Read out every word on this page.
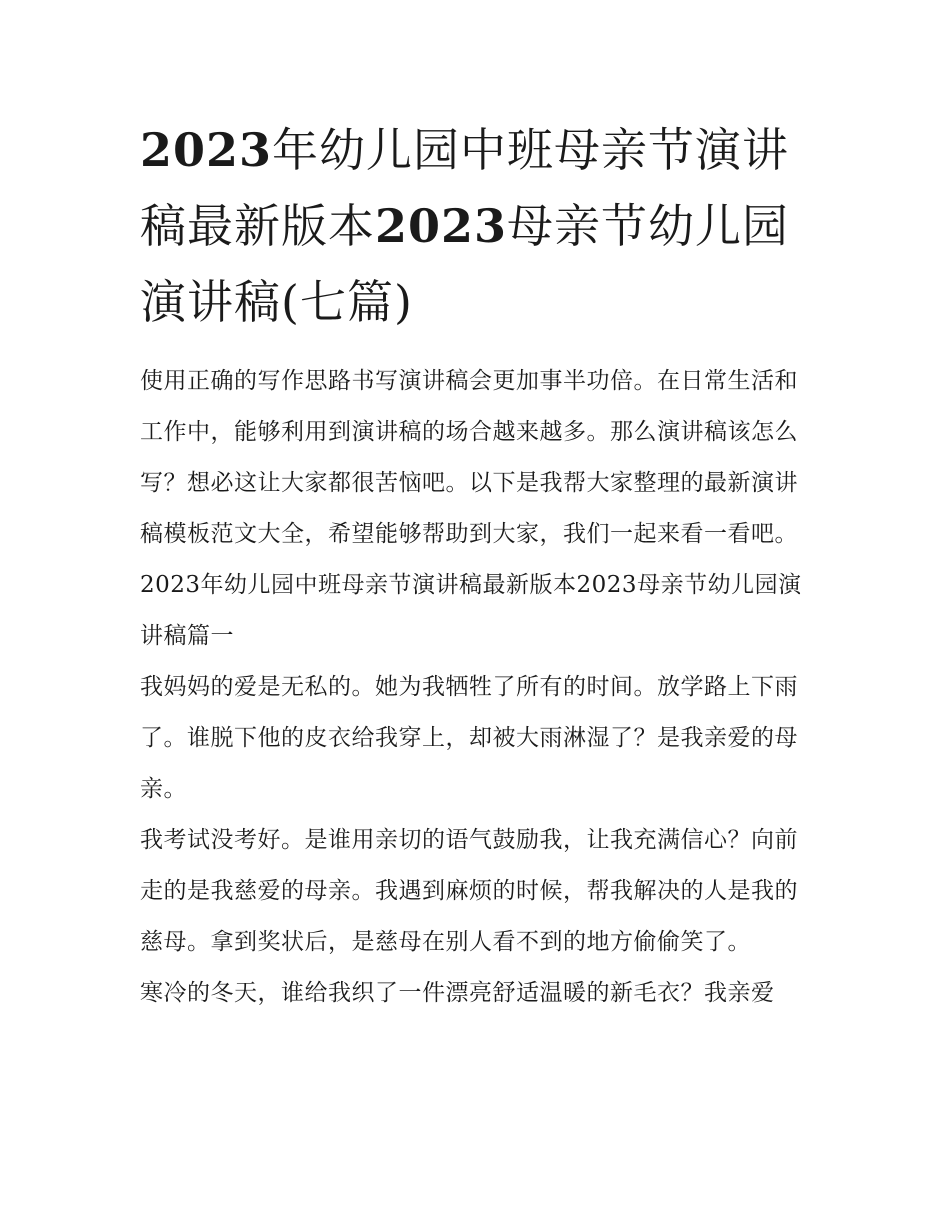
2023年幼儿园中班母亲节演讲稿最新版本2023母亲节幼儿园演讲稿(七篇)

使用正确的写作思路书写演讲稿会更加事半功倍。在日常生活和工作中，能够利用到演讲稿的场合越来越多。那么演讲稿该怎么写？想必这让大家都很苦恼吧。以下是我帮大家整理的最新演讲稿模板范文大全，希望能够帮助到大家，我们一起来看一看吧。

2023年幼儿园中班母亲节演讲稿最新版本2023母亲节幼儿园演讲稿篇一

我妈妈的爱是无私的。她为我牺牲了所有的时间。放学路上下雨了。谁脱下他的皮衣给我穿上，却被大雨淋湿了？是我亲爱的母亲。

我考试没考好。是谁用亲切的语气鼓励我，让我充满信心？向前走的是我慈爱的母亲。我遇到麻烦的时候，帮我解决的人是我的慈母。拿到奖状后，是慈母在别人看不到的地方偷偷笑了。

寒冷的冬天，谁给我织了一件漂亮舒适温暖的新毛衣？我亲爱
